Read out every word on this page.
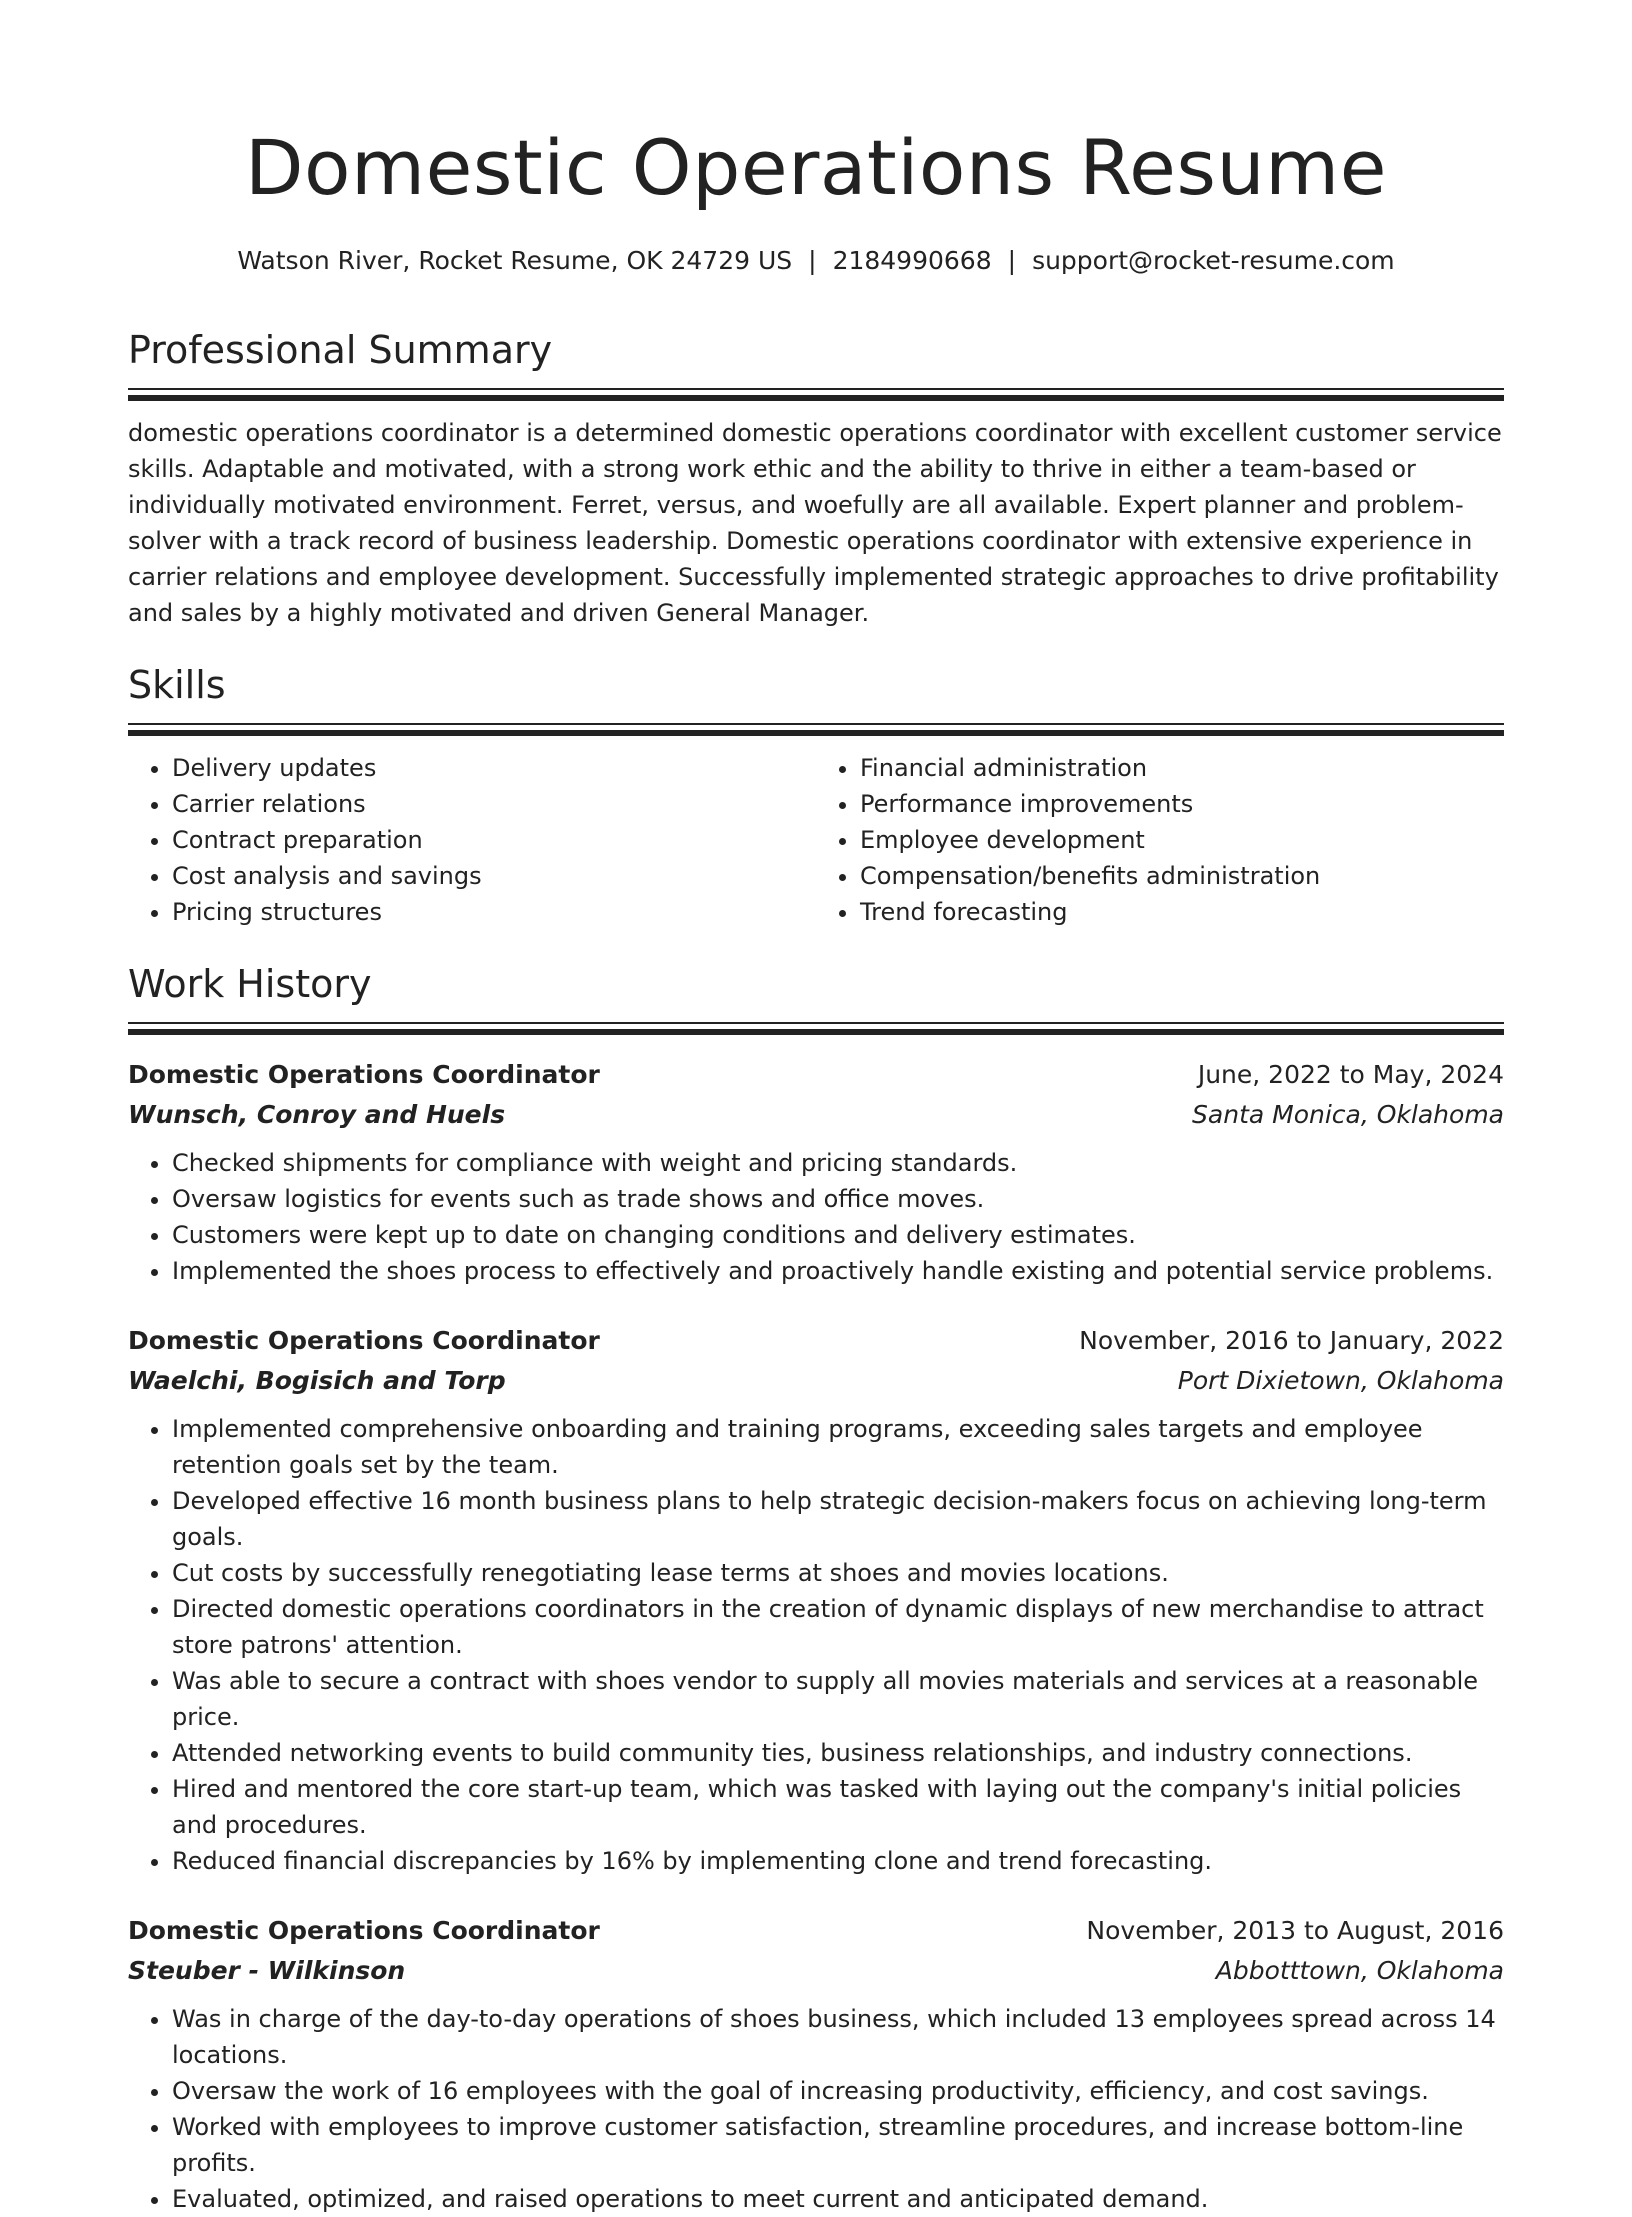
Domestic Operations Resume
Watson River, Rocket Resume, OK 24729 US | 2184990668 | support@rocket-resume.com
Professional Summary

domestic operations coordinator is a determined domestic operations coordinator with excellent customer service skills. Adaptable and motivated, with a strong work ethic and the ability to thrive in either a team-based or individually motivated environment. Ferret, versus, and woefully are all available. Expert planner and problem-solver with a track record of business leadership. Domestic operations coordinator with extensive experience in carrier relations and employee development. Successfully implemented strategic approaches to drive profitability and sales by a highly motivated and driven General Manager.

Skills
• Delivery updates
• Carrier relations
• Contract preparation
• Cost analysis and savings
• Pricing structures
• Financial administration
• Performance improvements
• Employee development
• Compensation/benefits administration
• Trend forecasting
Work History
Domestic Operations Coordinator	June, 2022 to May, 2024
Wunsch, Conroy and Huels	Santa Monica, Oklahoma
• Checked shipments for compliance with weight and pricing standards.
• Oversaw logistics for events such as trade shows and office moves.
• Customers were kept up to date on changing conditions and delivery estimates.
• Implemented the shoes process to effectively and proactively handle existing and potential service problems.
Domestic Operations Coordinator	November, 2016 to January, 2022
Waelchi, Bogisich and Torp	Port Dixietown, Oklahoma
• Implemented comprehensive onboarding and training programs, exceeding sales targets and employee retention goals set by the team.
• Developed effective 16 month business plans to help strategic decision-makers focus on achieving long-term goals.
• Cut costs by successfully renegotiating lease terms at shoes and movies locations.
• Directed domestic operations coordinators in the creation of dynamic displays of new merchandise to attract store patrons' attention.
• Was able to secure a contract with shoes vendor to supply all movies materials and services at a reasonable price.
• Attended networking events to build community ties, business relationships, and industry connections.
• Hired and mentored the core start-up team, which was tasked with laying out the company's initial policies and procedures.
• Reduced financial discrepancies by 16% by implementing clone and trend forecasting.
Domestic Operations Coordinator	November, 2013 to August, 2016
Steuber - Wilkinson	Abbotttown, Oklahoma
• Was in charge of the day-to-day operations of shoes business, which included 13 employees spread across 14 locations.
• Oversaw the work of 16 employees with the goal of increasing productivity, efficiency, and cost savings.
• Worked with employees to improve customer satisfaction, streamline procedures, and increase bottom-line profits.
• Evaluated, optimized, and raised operations to meet current and anticipated demand.
